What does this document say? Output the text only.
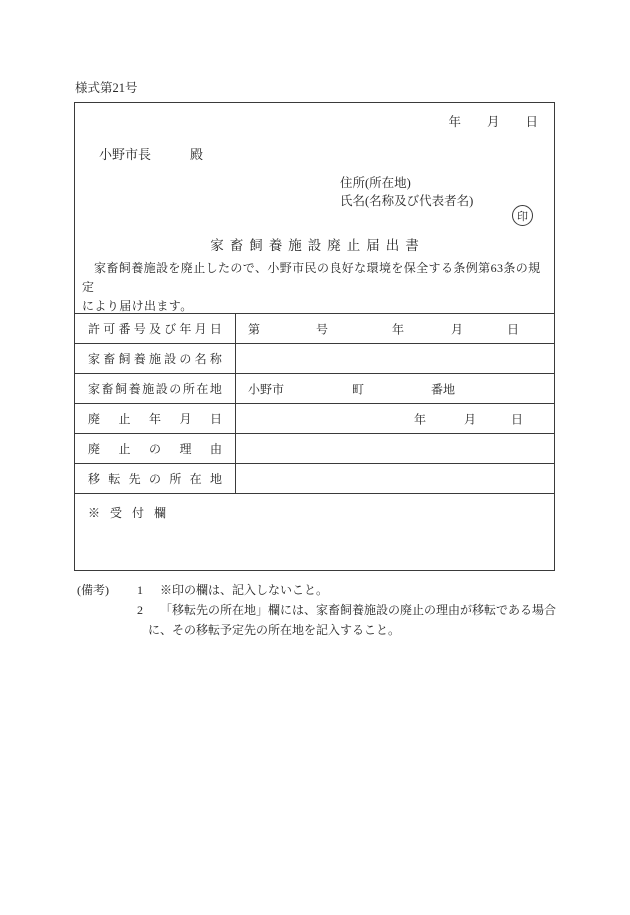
様式第21号
年 月 日
小野市長	殿
住所(所在地)
氏名(名称及び代表者名)
印
家畜飼養施設廃止届出書
家畜飼養施設を廃止したので、小野市民の良好な環境を保全する条例第63条の規定
により届け出ます。
許 可 番 号 及 び 年 月 日 第	号	年	月	日
家 畜 飼 養 施 設 の 名 称
家 畜 飼 養 施 設 の 所 在 地 小野市	町	番地
廃 止 年 月 日	年	月	日
廃 止 の 理 由
移 転 先 の 所 在 地
※受付欄
(備考) 1	※印の欄は、記入しないこと。
2	「移転先の所在地」欄には、家畜飼養施設の廃止の理由が移転である場合
に、その移転予定先の所在地を記入すること。
